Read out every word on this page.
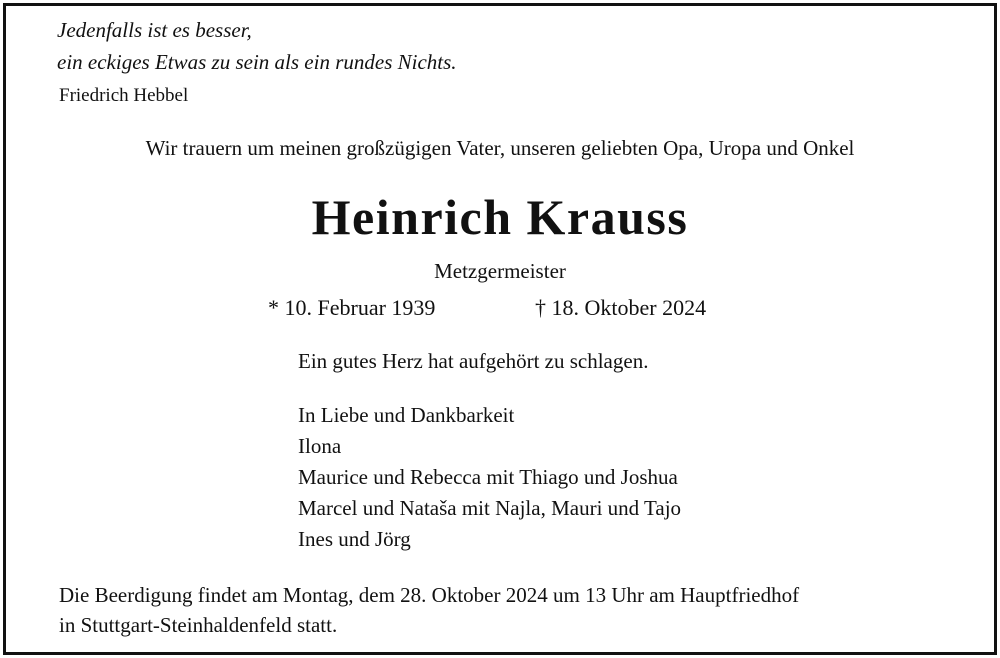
Jedenfalls ist es besser,
ein eckiges Etwas zu sein als ein rundes Nichts.
Friedrich Hebbel
Wir trauern um meinen großzügigen Vater, unseren geliebten Opa, Uropa und Onkel
Heinrich Krauss
Metzgermeister
* 10. Februar 1939	† 18. Oktober 2024
Ein gutes Herz hat aufgehört zu schlagen.
In Liebe und Dankbarkeit
Ilona
Maurice und Rebecca mit Thiago und Joshua
Marcel und Nataša mit Najla, Mauri und Tajo
Ines und Jörg
Die Beerdigung findet am Montag, dem 28. Oktober 2024 um 13 Uhr am Hauptfriedhof
in Stuttgart-Steinhaldenfeld statt.
